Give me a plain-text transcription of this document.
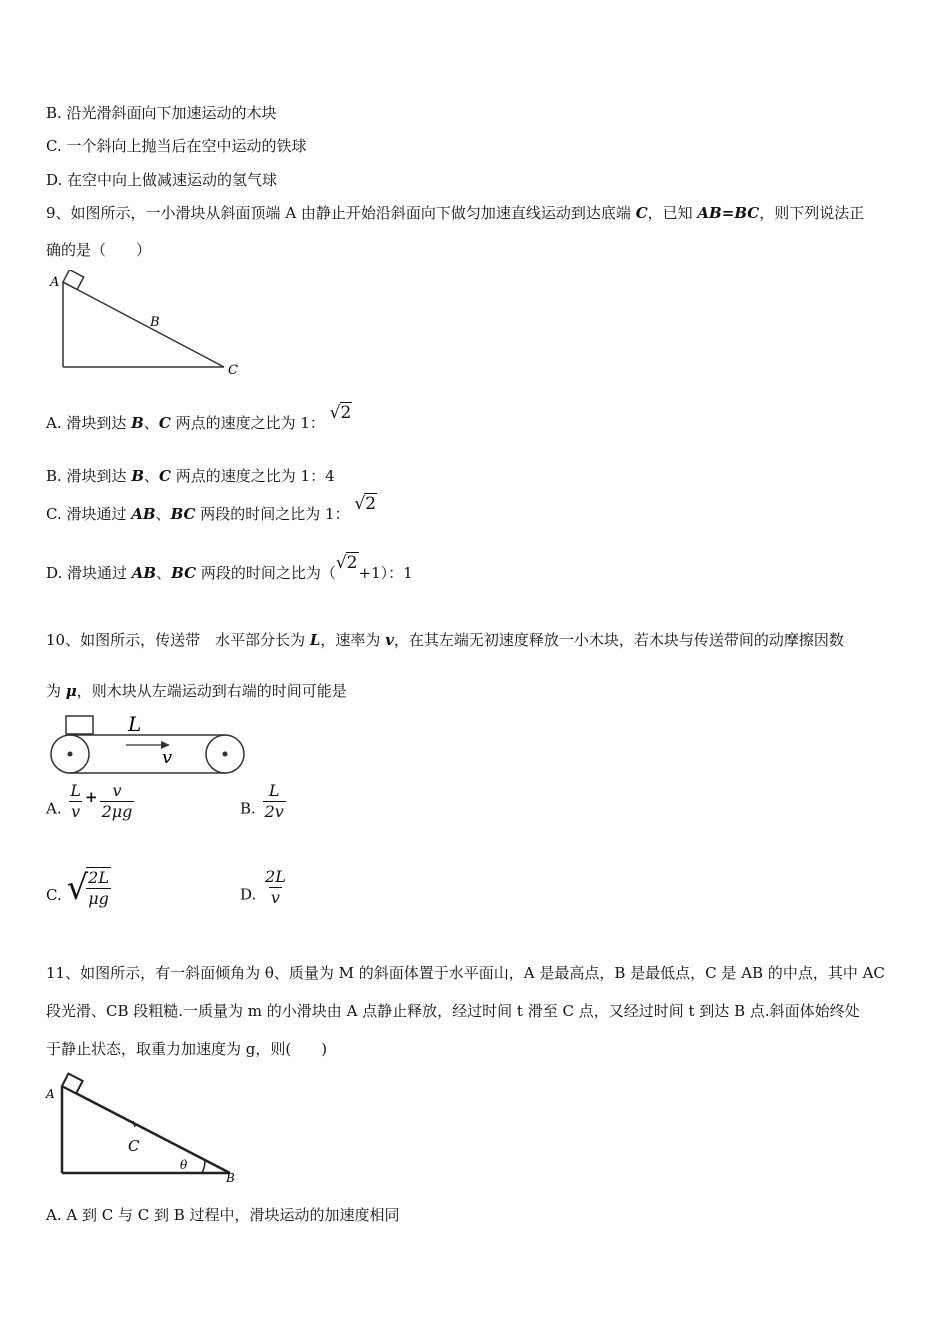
B. 沿光滑斜面向下加速运动的木块
C. 一个斜向上抛当后在空中运动的铁球
D. 在空中向上做减速运动的氢气球
9、如图所示，一小滑块从斜面顶端 A 由静止开始沿斜面向下做匀加速直线运动到达底端 C，已知 AB=BC，则下列说法正
确的是（　　）
A
B
C
A. 滑块到达 B、C 两点的速度之比为 1： √2
B. 滑块到达 B、C 两点的速度之比为 1：4
C. 滑块通过 AB、BC 两段的时间之比为 1： √2
D. 滑块通过 AB、BC 两段的时间之比为（√2+1）：1
10、如图所示，传送带　水平部分长为 L，速率为 v，在其左端无初速度释放一小木块，若木块与传送带间的动摩擦因数
为 μ，则木块从左端运动到右端的时间可能是
L
v
A. $\frac{L}{v} + \frac{v}{2\mu g}$	B. $\frac{L}{2v}$
C. √
$\frac{2L}{\mu g}$	D. $\frac{2L}{v}$
11、如图所示，有一斜面倾角为 θ、质量为 M 的斜面体置于水平面山，A 是最高点，B 是最低点，C 是 AB 的中点，其中 AC
段光滑、CB 段粗糙.一质量为 m 的小滑块由 A 点静止释放，经过时间 t 滑至 C 点，又经过时间 t 到达 B 点.斜面体始终处
于静止状态，取重力加速度为 g，则(　　)
A
C
θ
B
A. A 到 C 与 C 到 B 过程中，滑块运动的加速度相同
